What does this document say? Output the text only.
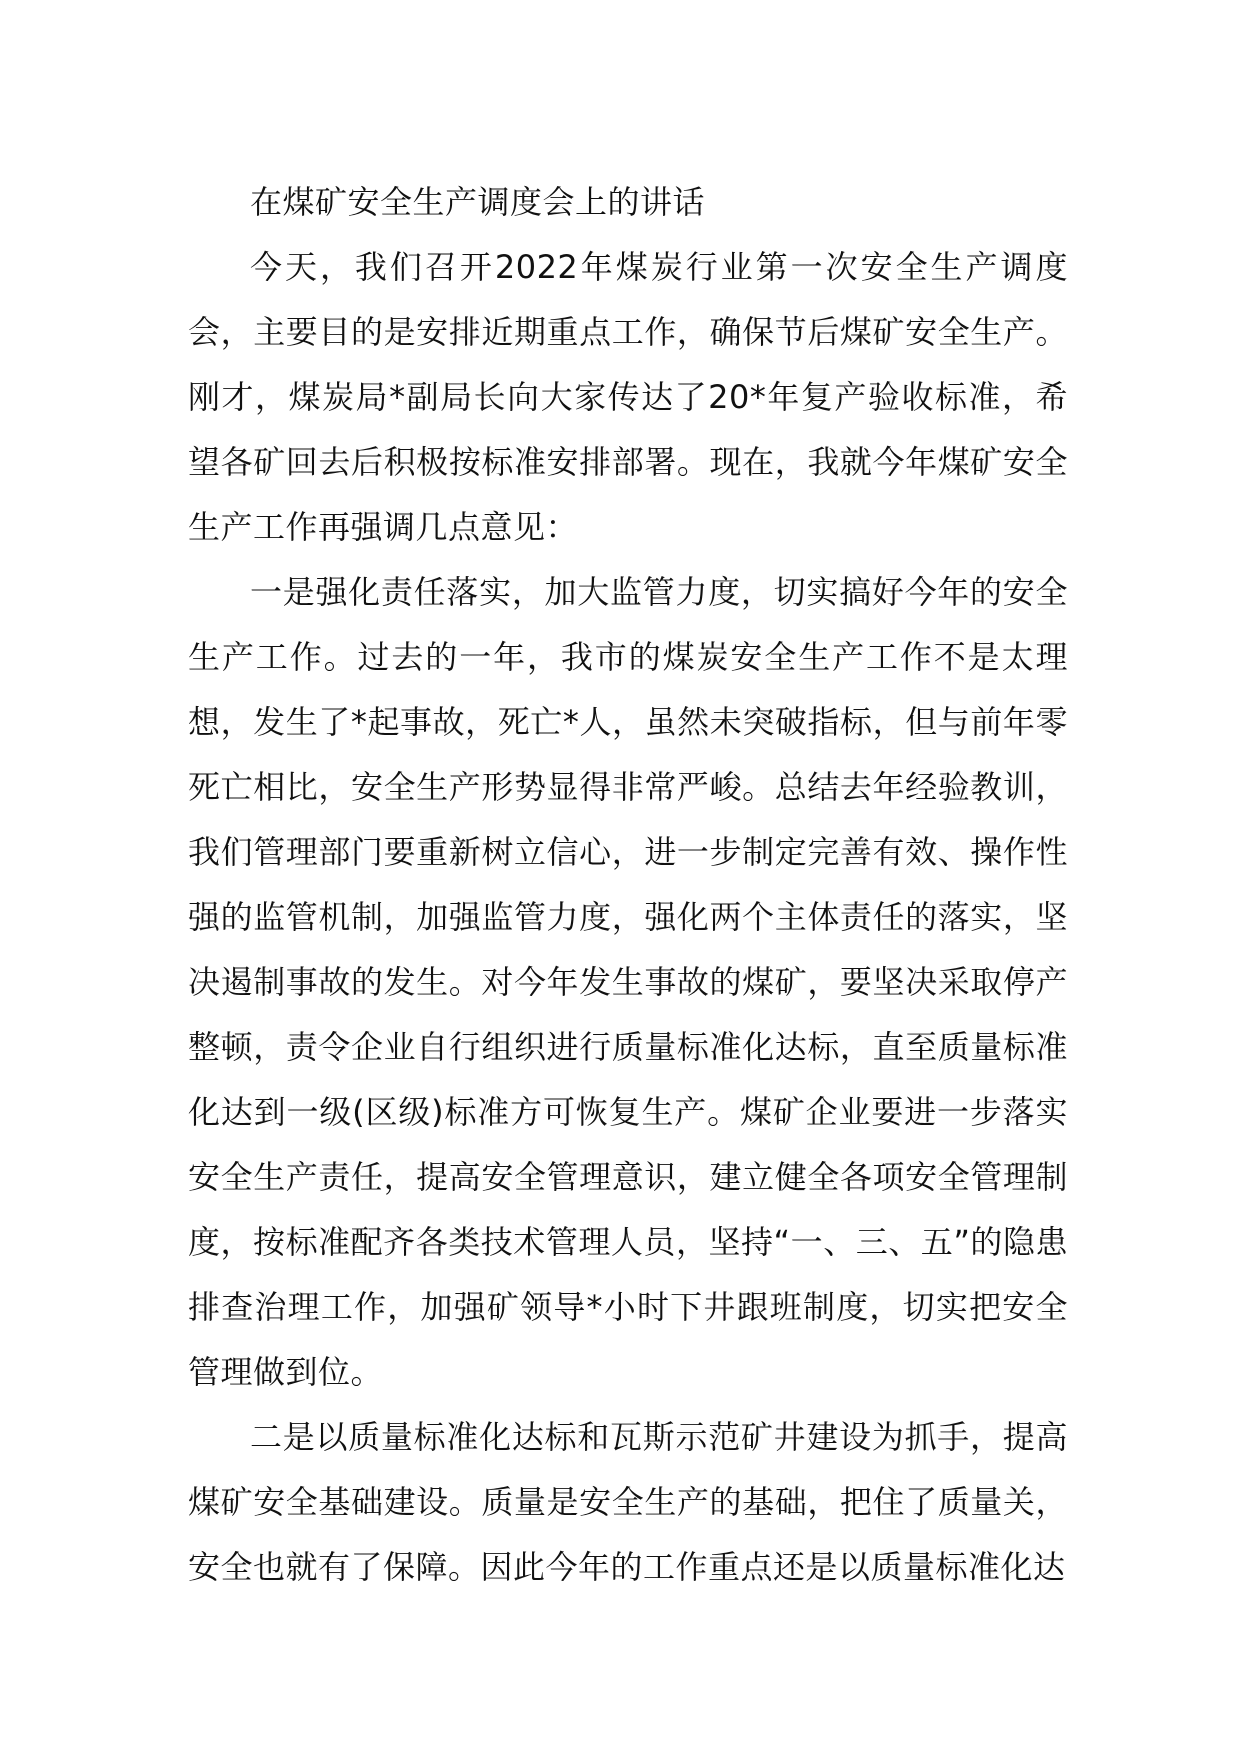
在煤矿安全生产调度会上的讲话

今天，我们召开2022年煤炭行业第一次安全生产调度会，主要目的是安排近期重点工作，确保节后煤矿安全生产。刚才，煤炭局*副局长向大家传达了20*年复产验收标准，希望各矿回去后积极按标准安排部署。现在，我就今年煤矿安全生产工作再强调几点意见：

一是强化责任落实，加大监管力度，切实搞好今年的安全生产工作。过去的一年，我市的煤炭安全生产工作不是太理想，发生了*起事故，死亡*人，虽然未突破指标，但与前年零死亡相比，安全生产形势显得非常严峻。总结去年经验教训，我们管理部门要重新树立信心，进一步制定完善有效、操作性强的监管机制，加强监管力度，强化两个主体责任的落实，坚决遏制事故的发生。对今年发生事故的煤矿，要坚决采取停产整顿，责令企业自行组织进行质量标准化达标，直至质量标准化达到一级(区级)标准方可恢复生产。煤矿企业要进一步落实安全生产责任，提高安全管理意识，建立健全各项安全管理制度，按标准配齐各类技术管理人员，坚持“一、三、五”的隐患排查治理工作，加强矿领导*小时下井跟班制度，切实把安全管理做到位。

二是以质量标准化达标和瓦斯示范矿井建设为抓手，提高煤矿安全基础建设。质量是安全生产的基础，把住了质量关，安全也就有了保障。因此今年的工作重点还是以质量标准化达
